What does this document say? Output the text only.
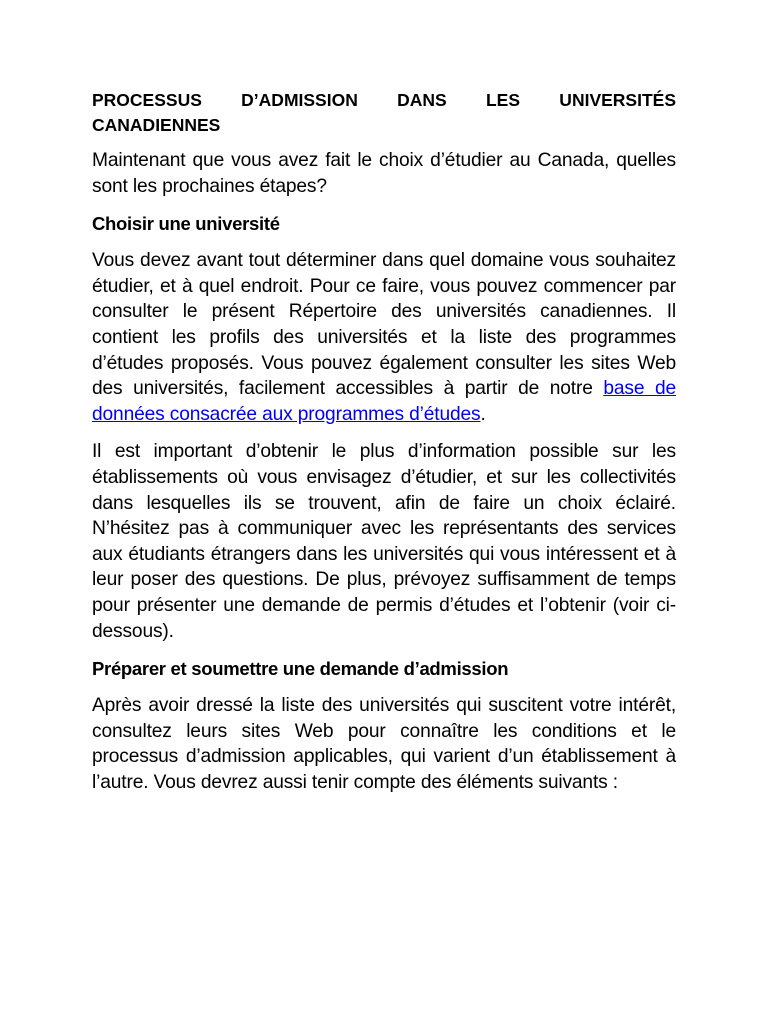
PROCESSUS D’ADMISSION DANS LES UNIVERSITÉS
CANADIENNES

Maintenant que vous avez fait le choix d’étudier au Canada, quelles sont les prochaines étapes?

Choisir une université

Vous devez avant tout déterminer dans quel domaine vous souhaitez étudier, et à quel endroit. Pour ce faire, vous pouvez commencer par consulter le présent Répertoire des universités canadiennes. Il contient les profils des universités et la liste des programmes d’études proposés. Vous pouvez également consulter les sites Web des universités, facilement accessibles à partir de notre base de données consacrée aux programmes d’études.

Il est important d’obtenir le plus d’information possible sur les établissements où vous envisagez d’étudier, et sur les collectivités dans lesquelles ils se trouvent, afin de faire un choix éclairé. N’hésitez pas à communiquer avec les représentants des services aux étudiants étrangers dans les universités qui vous intéressent et à leur poser des questions. De plus, prévoyez suffisamment de temps pour présenter une demande de permis d’études et l’obtenir (voir ci-dessous).

Préparer et soumettre une demande d’admission

Après avoir dressé la liste des universités qui suscitent votre intérêt, consultez leurs sites Web pour connaître les conditions et le processus d’admission applicables, qui varient d’un établissement à l’autre. Vous devrez aussi tenir compte des éléments suivants :
